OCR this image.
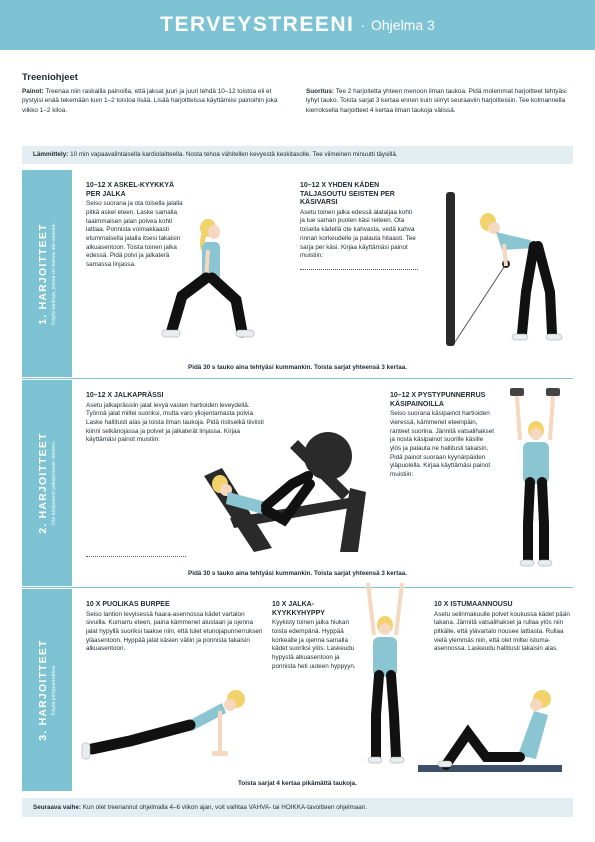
TERVEYSTREENI · Ohjelma 3
Treeniohjeet
Painot: Treenaa niin raskailla painoilla, että jaksat juuri ja juuri tehdä 10–12 toistoa eli et pystyisi enää tekemään kuin 1–2 toistoa lisää. Lisää harjoitteissa käyttämiisi painoihin joka viikko 1–2 kiloa.
Suoritus: Tee 2 harjoitetta yhteen menoon ilman taukoa. Pidä molemmat harjoitteet tehtyäsi lyhyt tauko. Toista sarjat 3 kertaa ennen kuin siirryt seuraaviin harjoitteisiin. Tee kolmannella kierroksella harjoitteet 4 kertaa ilman taukoja välissä.
Lämmittely: 10 min vapaavalintaisella kardiolaitteella. Nosta tehoa vähitellen kevyestä keskitasolle. Tee viimeinen minuutti täysillä.
1. HARJOITTEET Käytä tankoja, joissa on kahva ala-osassa.
10–12 X ASKEL-KYYKKYÄ PER JALKA
Seiso suorana ja ota toisella jalalla pitkä askel eteen. Laske samalla taaimmaisen jalan polvea kohti lattiaa. Ponnista voimakkaasti etummaisella jalalla itsesi takaisin alkuasentoon. Toista toinen jalka edessä. Pidä polvi ja jalkaterä samassa linjassa.
10–12 X YHDEN KÄDEN TALJASOUTU SEISTEN PER KÄSIVARSI
Asetu toinen jalka edessä alataljaa kohti ja tue saman puolen käsi reiteen. Ota toisella kädellä ote kahvasta, vedä kahva rinnan korkeudelle ja palauta hitaasti. Tee sarja per käsi. Kirjaa käyttämäsi painot muistiin:
Pidä 30 s tauko aina tehtyäsi kummankin. Toista sarjat yhteensä 3 kertaa.
2. HARJOITTEET Ota käsipainot jalkaprässin viereen.
10–12 X JALKAPRÄSSI
Asetu jalkaprässiin jalat levyä vasten hartioiden leveydellä. Työnnä jalat miltei suoriksi, mutta varo yliojentamasta polvia. Laske hallitusti alas ja toista ilman taukoja. Pidä ristiselkä tiiviisti kiinni selkänojassa ja polvet ja jalkaterät linjassa. Kirjaa käyttämäsi painot muistiin:
10–12 X PYSTYPUNNERRUS KÄSIPAINOILLA
Seiso suorana käsipainot hartioiden vieressä, kämmenet eteenpäin, ranteet suorina. Jännitä vatsalihakset ja nosta käsipainot suorille käsille ylös ja palauta ne hallitusti takaisin. Pidä painot suoraan kyynärpäiden yläpuolella. Kirjaa käyttämäsi painot muistiin:
Pidä 30 s tauko aina tehtyäsi kummankin. Toista sarjat yhteensä 3 kertaa.
3. HARJOITTEET Käytä jumppamattoa.
10 X PUOLIKAS BURPEE
Seiso lantion levyisessä haara-asennossa kädet vartalon sivuilla. Kumarru eteen, paina kämmenet alustaan ja ojenna jalat hypyllä suoriksi taakse niin, että tulet etunojapunnerruksen yläasentoon. Hyppää jalat käsien väliin ja ponnista takaisin alkuasentoon.
10 X JALKA-KYYKKYHYPPY
Kyykisty toinen jalka hiukan toista edempänä. Hyppää korkealle ja ojenna samalla kädet suoriksi ylös. Laskeudu hypystä alkuasentoon ja ponnista heti uuteen hyppyyn.
10 X ISTUMAANNOUSU
Asetu selinmakuulle polvet koukussa kädet pään takana. Jännitä vatsalihakset ja rullaa ylös niin pitkälle, että ylävartalo nousee lattiasta. Rullaa vielä ylemmäs niin, että olet miltei istuma-asennossa. Laskeudu hallitusti takaisin alas.
Toista sarjat 4 kertaa pikämättä taukoja.
Seuraava vaihe: Kun olet treenannut ohjelmalla 4–6 viikon ajan, voit vaihtaa VAHVA- tai HOIKKA-tavoitteen ohjelmaan.
